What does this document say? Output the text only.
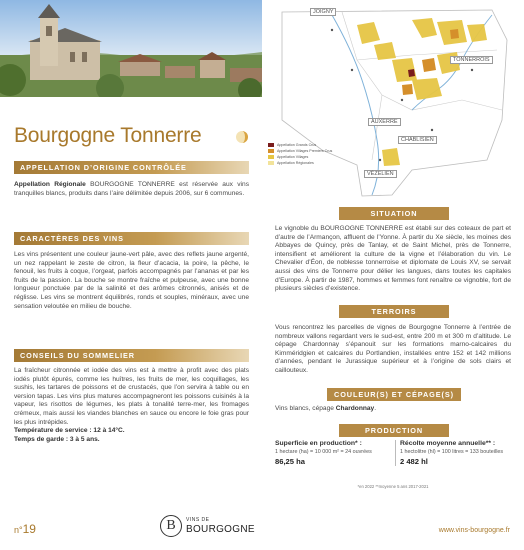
Bourgogne Tonnerre
APPELLATION D’ORIGINE CONTRÔLÉE
Appellation Régionale BOURGOGNE TONNERRE est réservée aux vins tranquilles blancs, produits dans l’aire délimitée depuis 2006, sur 6 communes.
CARACTÈRES DES VINS
Les vins présentent une couleur jaune-vert pâle, avec des reflets jaune argenté, un nez rappelant le zeste de citron, la fleur d’acacia, la poire, la pêche, le fenouil, les fruits à coque, l’orgeat, parfois accompagnés par l’ananas et par les fruits de la passion. La bouche se montre fraîche et pulpeuse, avec une bonne longueur ponctuée par de la salinité et des arômes citronnés, anisés et de réglisse. Les vins se montrent équilibrés, ronds et souples, minéraux, avec une sensation veloutée en milieu de bouche.
CONSEILS DU SOMMELIER
La fraîcheur citronnée et iodée des vins est à mettre à profit avec des plats iodés plutôt épurés, comme les huîtres, les fruits de mer, les coquillages, les sushis, les tartares de poissons et de crustacés, que l’on servira à table ou en version tapas. Les vins plus matures accompagneront les poissons cuisinés à la vapeur, les risottos de légumes, les plats à tonalité terre-mer, les fromages crémeux, mais aussi les viandes blanches en sauce ou encore le foie gras pour les plus intrépides.
Température de service : 12 à 14°C.
Temps de garde : 3 à 5 ans.
JOIGNY
TONNERROIS
AUXERRE
CHABLISIEN
VÉZELIEN
Appellation Grands Crus
Appellation Villages Premiers Crus
Appellation Villages
Appellation Régionales
SITUATION
Le vignoble du BOURGOGNE TONNERRE est établi sur des coteaux de part et d’autre de l’Armançon, affluent de l’Yonne. À partir du Xe siècle, les moines des Abbayes de Quincy, près de Tanlay, et de Saint Michel, près de Tonnerre, intensifient et améliorent la culture de la vigne et l’élaboration du vin. Le Chevalier d’Éon, de noblesse tonnerroise et diplomate de Louis XV, se servait aussi des vins de Tonnerre pour délier les langues, dans toutes les capitales d’Europe. À partir de 1987, hommes et femmes font renaître ce vignoble, fort de plusieurs siècles d’existence.
TERROIRS
Vous rencontrez les parcelles de vignes de Bourgogne Tonnerre à l’entrée de nombreux vallons regardant vers le sud-est, entre 200 m et 300 m d’altitude. Le cépage Chardonnay s’épanouit sur les formations marno-calcaires du Kimméridgien et calcaires du Portlandien, installées entre 152 et 142 millions d’années, pendant le Jurassique supérieur et à l’origine de sols clairs et caillouteux.
COULEUR(S) ET CÉPAGE(S)
Vins blancs, cépage Chardonnay.
PRODUCTION
Superficie en production* :
1 hectare (ha) = 10 000 m² = 24 ouvrées
86,25 ha
Récolte moyenne annuelle** :
1 hectolitre (hl) = 100 litres = 133 bouteilles
2 482 hl
*en 2022 **moyenne 5 ans 2017-2021
n°19	B	VINS DE
BOURGOGNE	www.vins-bourgogne.fr
